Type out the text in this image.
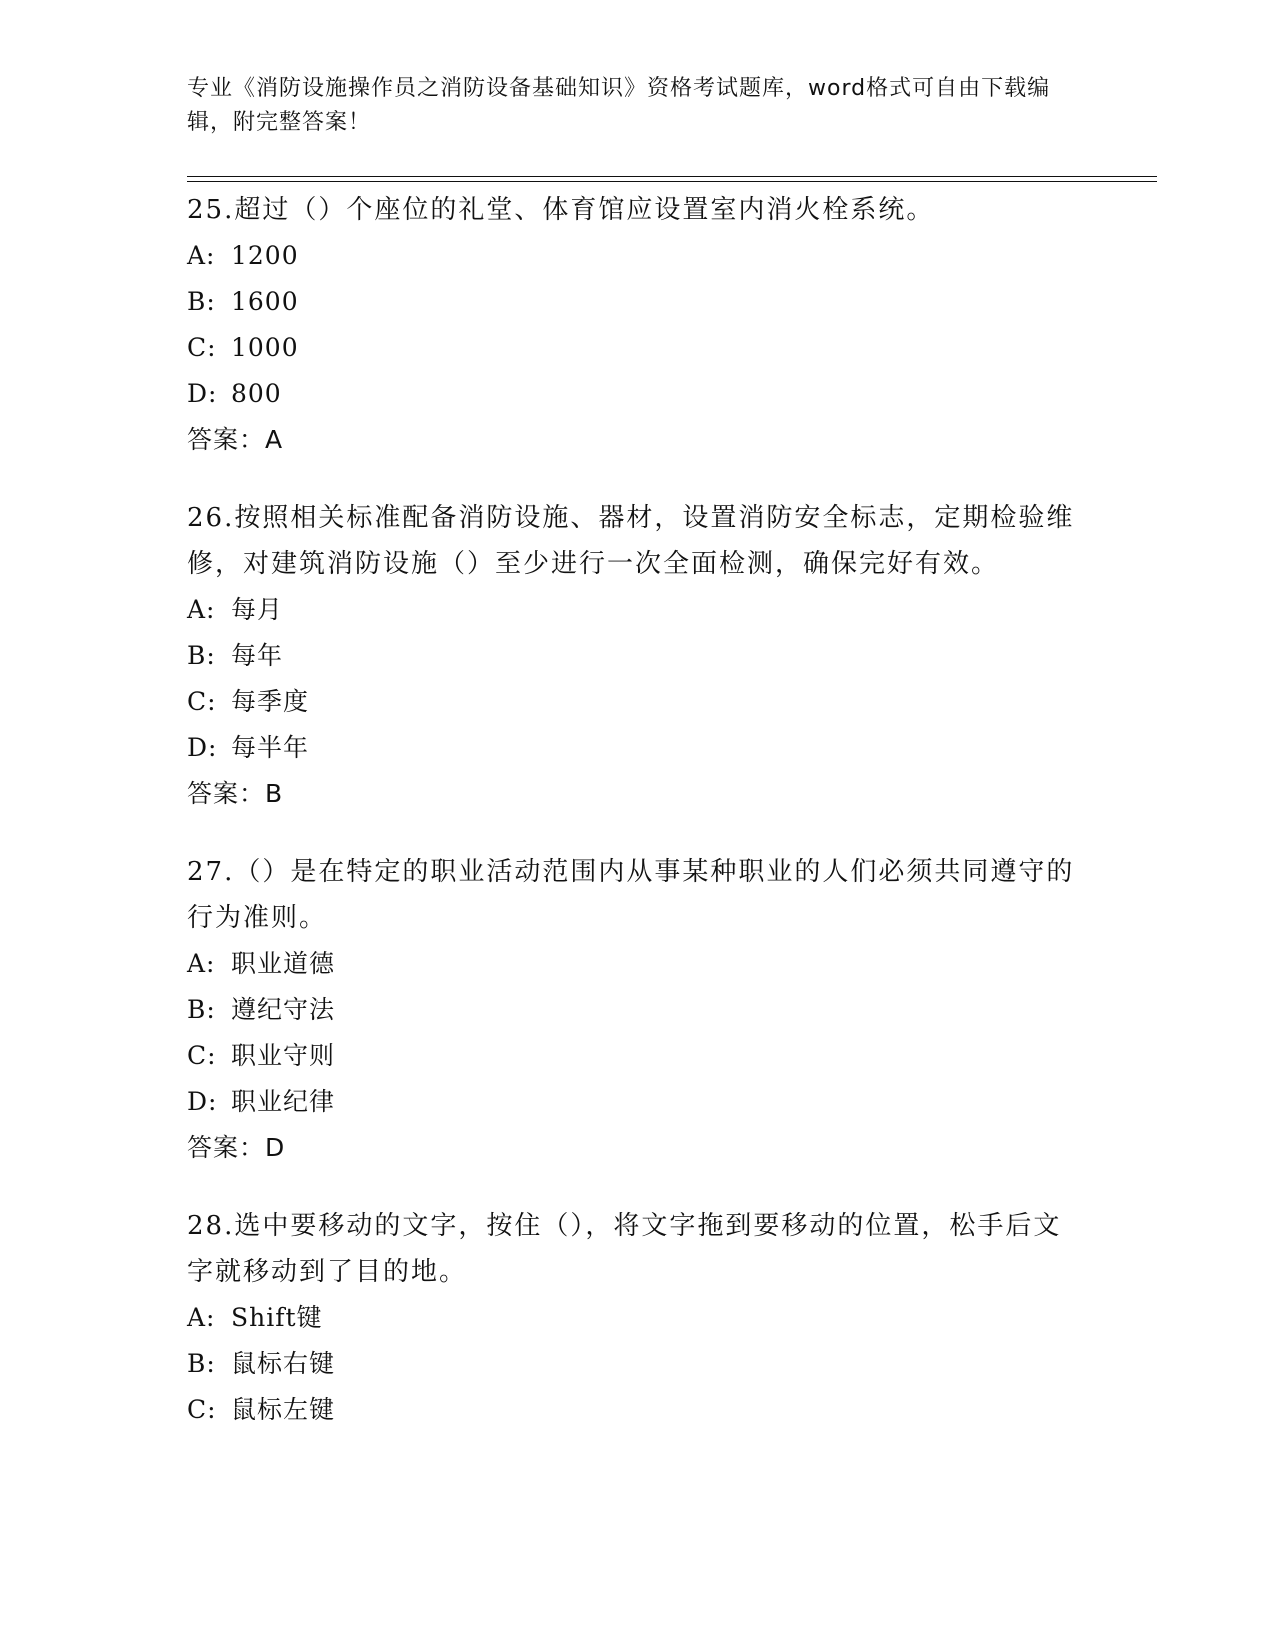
专业《消防设施操作员之消防设备基础知识》资格考试题库，word格式可自由下载编辑，附完整答案！
25.超过（）个座位的礼堂、体育馆应设置室内消火栓系统。
A: 1200
B: 1600
C: 1000
D: 800
答案：A
26.按照相关标准配备消防设施、器材，设置消防安全标志，定期检验维修，对建筑消防设施（）至少进行一次全面检测，确保完好有效。
A: 每月
B: 每年
C: 每季度
D: 每半年
答案：B
27.（）是在特定的职业活动范围内从事某种职业的人们必须共同遵守的行为准则。
A: 职业道德
B: 遵纪守法
C: 职业守则
D: 职业纪律
答案：D
28.选中要移动的文字，按住（），将文字拖到要移动的位置，松手后文字就移动到了目的地。
A: Shift键
B: 鼠标右键
C: 鼠标左键
